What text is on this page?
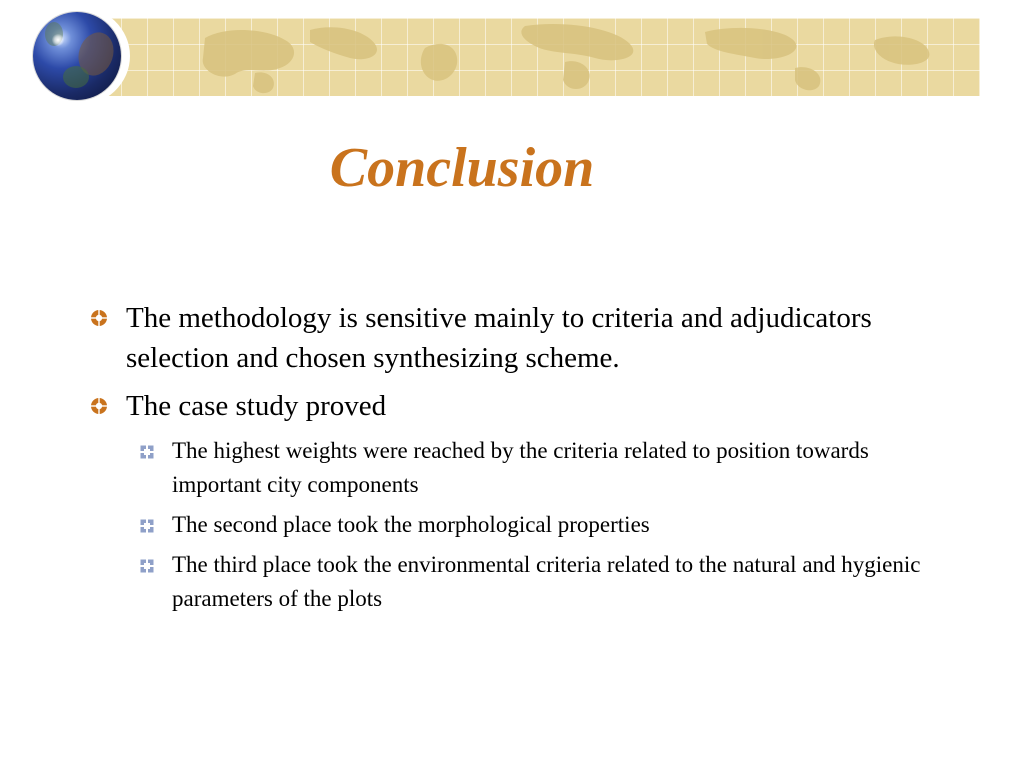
Conclusion
The methodology is sensitive mainly to criteria and adjudicators selection and chosen synthesizing scheme.
The case study proved
The highest weights were reached by the criteria related to position towards important city components
The second place took the morphological properties
The third place took the environmental criteria related to the natural and hygienic parameters of the plots
